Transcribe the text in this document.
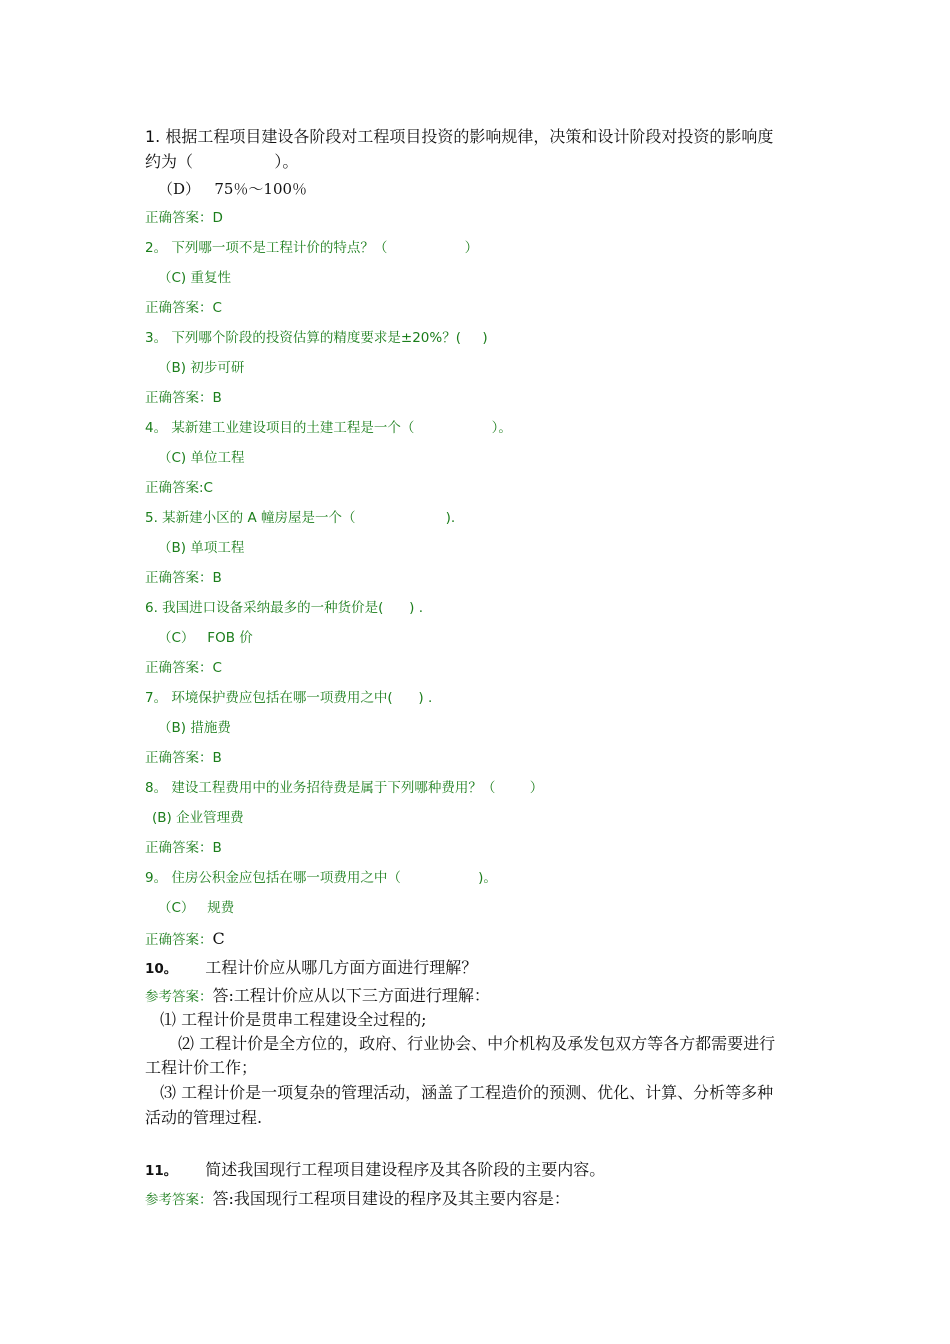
1. 根据工程项目建设各阶段对工程项目投资的影响规律，决策和设计阶段对投资的影响度
约为（                ）。
（D）   75％～100％
正确答案：D
2。 下列哪一项不是工程计价的特点？（                  ）
（C) 重复性
正确答案：C
3。 下列哪个阶段的投资估算的精度要求是±20%？(     )
（B) 初步可研
正确答案：B
4。 某新建工业建设项目的土建工程是一个（                  ）。
（C) 单位工程
正确答案:C
5. 某新建小区的 A 幢房屋是一个（                     ).
（B) 单项工程
正确答案：B
6. 我国进口设备采纳最多的一种货价是(      ) .
（C）   FOB 价
正确答案：C
7。 环境保护费应包括在哪一项费用之中(      ) .
（B) 措施费
正确答案：B
8。 建设工程费用中的业务招待费是属于下列哪种费用？（        ）
(B) 企业管理费
正确答案：B
9。 住房公积金应包括在哪一项费用之中（                  )。
（C）   规费
正确答案：C
10。 工程计价应从哪几方面方面进行理解？
参考答案：答:工程计价应从以下三方面进行理解：
⑴ 工程计价是贯串工程建设全过程的;
⑵ 工程计价是全方位的，政府、行业协会、中介机构及承发包双方等各方都需要进行
工程计价工作；
⑶ 工程计价是一项复杂的管理活动，涵盖了工程造价的预测、优化、计算、分析等多种
活动的管理过程.
11。 简述我国现行工程项目建设程序及其各阶段的主要内容。
参考答案：答:我国现行工程项目建设的程序及其主要内容是：
